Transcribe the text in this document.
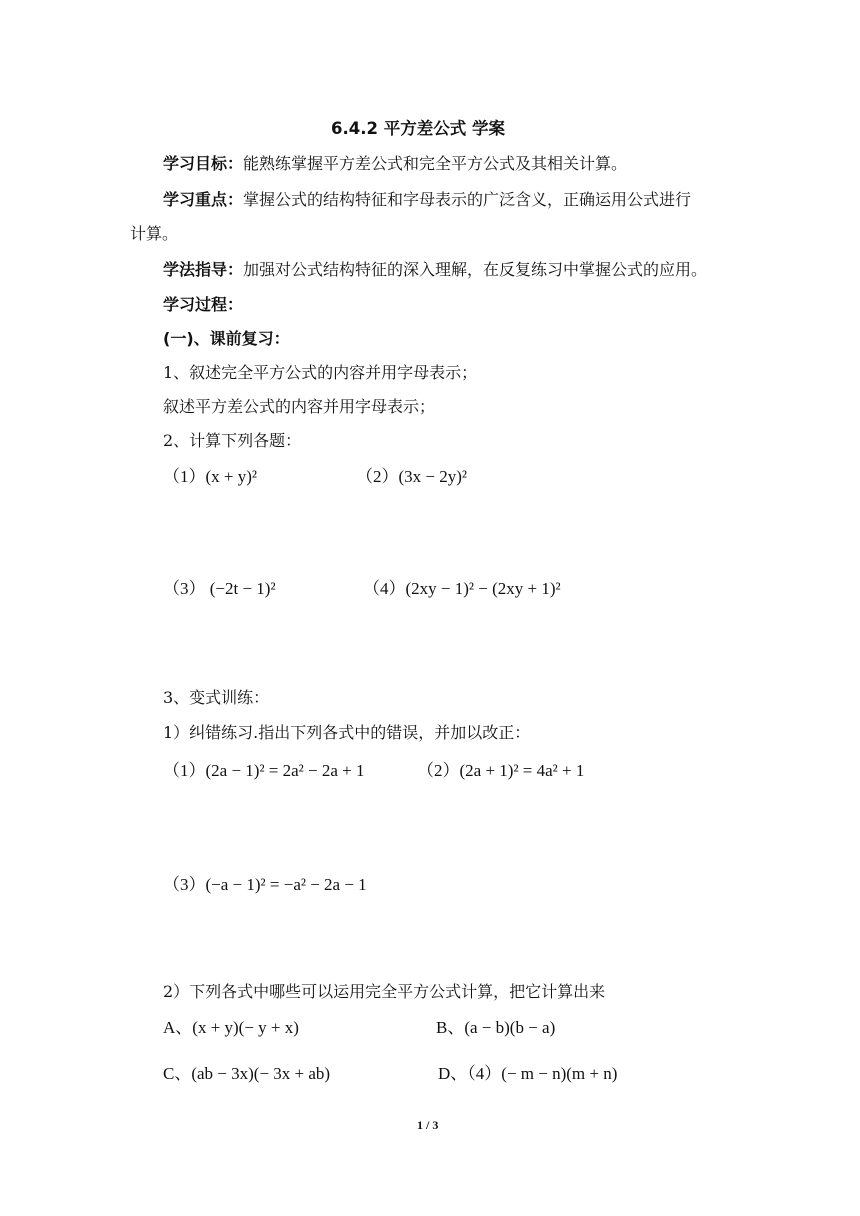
6.4.2 平方差公式 学案
学习目标：能熟练掌握平方差公式和完全平方公式及其相关计算。
学习重点：掌握公式的结构特征和字母表示的广泛含义，正确运用公式进行
计算。
学法指导：加强对公式结构特征的深入理解，在反复练习中掌握公式的应用。
学习过程：
(一)、课前复习：
1、叙述完全平方公式的内容并用字母表示；
叙述平方差公式的内容并用字母表示；
2、计算下列各题：
（1）(x + y)²	（2）(3x − 2y)²
（3） (−2t − 1)²	（4）(2xy − 1)² − (2xy + 1)²
3、变式训练：
1）纠错练习.指出下列各式中的错误，并加以改正：
（1）(2a − 1)² = 2a² − 2a + 1	（2）(2a + 1)² = 4a² + 1
（3）(−a − 1)² = −a² − 2a − 1
2）下列各式中哪些可以运用完全平方公式计算，把它计算出来
A、(x + y)(− y + x)	B、(a − b)(b − a)
C、(ab − 3x)(− 3x + ab)	D、（4）(− m − n)(m + n)
1 / 3
